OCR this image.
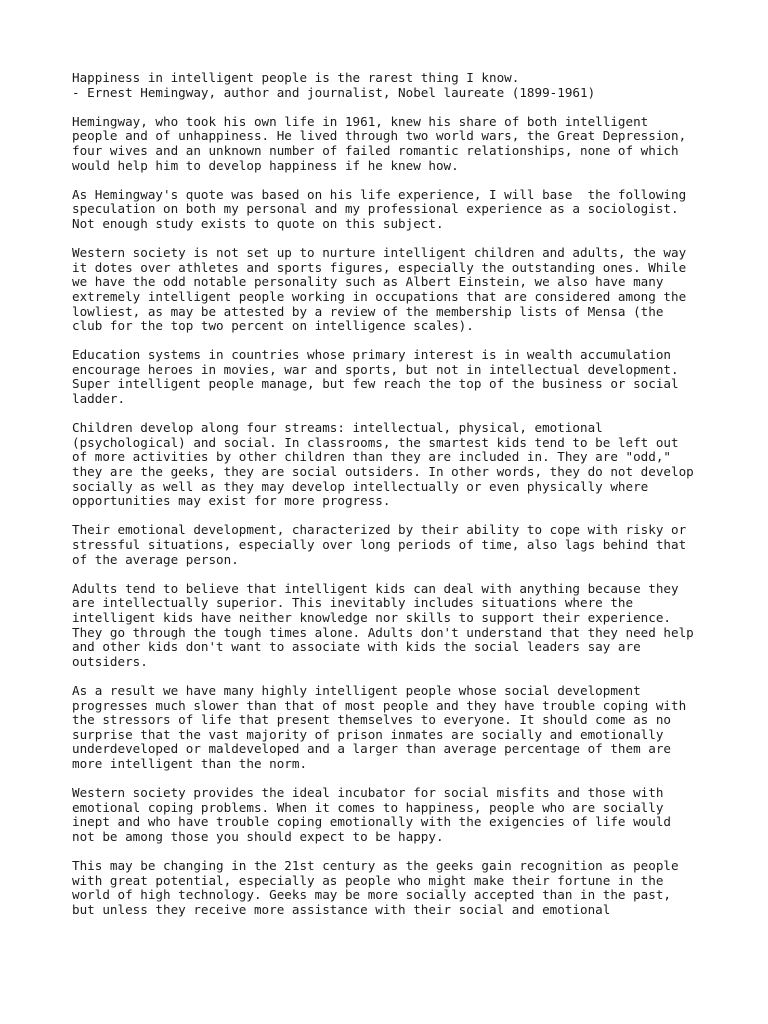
Happiness in intelligent people is the rarest thing I know.
- Ernest Hemingway, author and journalist, Nobel laureate (1899-1961)

Hemingway, who took his own life in 1961, knew his share of both intelligent
people and of unhappiness. He lived through two world wars, the Great Depression,
four wives and an unknown number of failed romantic relationships, none of which
would help him to develop happiness if he knew how.

As Hemingway's quote was based on his life experience, I will base  the following
speculation on both my personal and my professional experience as a sociologist.
Not enough study exists to quote on this subject.

Western society is not set up to nurture intelligent children and adults, the way
it dotes over athletes and sports figures, especially the outstanding ones. While
we have the odd notable personality such as Albert Einstein, we also have many
extremely intelligent people working in occupations that are considered among the
lowliest, as may be attested by a review of the membership lists of Mensa (the
club for the top two percent on intelligence scales).

Education systems in countries whose primary interest is in wealth accumulation
encourage heroes in movies, war and sports, but not in intellectual development.
Super intelligent people manage, but few reach the top of the business or social
ladder.

Children develop along four streams: intellectual, physical, emotional
(psychological) and social. In classrooms, the smartest kids tend to be left out
of more activities by other children than they are included in. They are "odd,"
they are the geeks, they are social outsiders. In other words, they do not develop
socially as well as they may develop intellectually or even physically where
opportunities may exist for more progress.

Their emotional development, characterized by their ability to cope with risky or
stressful situations, especially over long periods of time, also lags behind that
of the average person.

Adults tend to believe that intelligent kids can deal with anything because they
are intellectually superior. This inevitably includes situations where the
intelligent kids have neither knowledge nor skills to support their experience.
They go through the tough times alone. Adults don't understand that they need help
and other kids don't want to associate with kids the social leaders say are
outsiders.

As a result we have many highly intelligent people whose social development
progresses much slower than that of most people and they have trouble coping with
the stressors of life that present themselves to everyone. It should come as no
surprise that the vast majority of prison inmates are socially and emotionally
underdeveloped or maldeveloped and a larger than average percentage of them are
more intelligent than the norm.

Western society provides the ideal incubator for social misfits and those with
emotional coping problems. When it comes to happiness, people who are socially
inept and who have trouble coping emotionally with the exigencies of life would
not be among those you should expect to be happy.

This may be changing in the 21st century as the geeks gain recognition as people
with great potential, especially as people who might make their fortune in the
world of high technology. Geeks may be more socially accepted than in the past,
but unless they receive more assistance with their social and emotional
